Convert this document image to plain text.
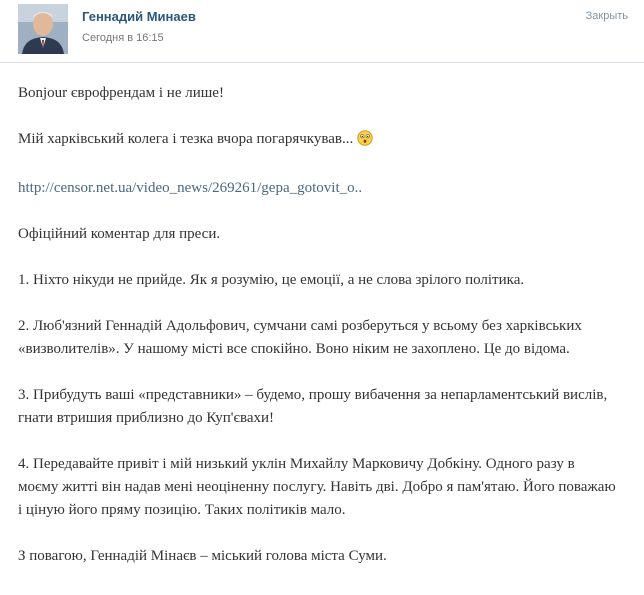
Геннадий Минаев
Сегодня в 16:15
Закрыть

Bonjour єврофрендам і не лише!

Мій харківський колега і тезка вчора погарячкував...

http://censor.net.ua/video_news/269261/gepa_gotovit_o..

Офіційний коментар для преси.

1. Ніхто нікуди не прийде. Як я розумію, це емоції, а не слова зрілого політика.

2. Люб'язний Геннадій Адольфович, сумчани самі розберуться у всьому без харківських «визволителів». У нашому місті все спокійно. Воно ніким не захоплено. Це до відома.

3. Прибудуть ваші «представники» – будемо, прошу вибачення за непарламентський вислів, гнати втришия приблизно до Куп'євахи!

4. Передавайте привіт і мій низький уклін Михайлу Марковичу Добкіну. Одного разу в моєму житті він надав мені неоціненну послугу. Навіть дві. Добро я пам'ятаю. Його поважаю і ціную його пряму позицію. Таких політиків мало.

З повагою, Геннадій Мінаєв – міський голова міста Суми.
